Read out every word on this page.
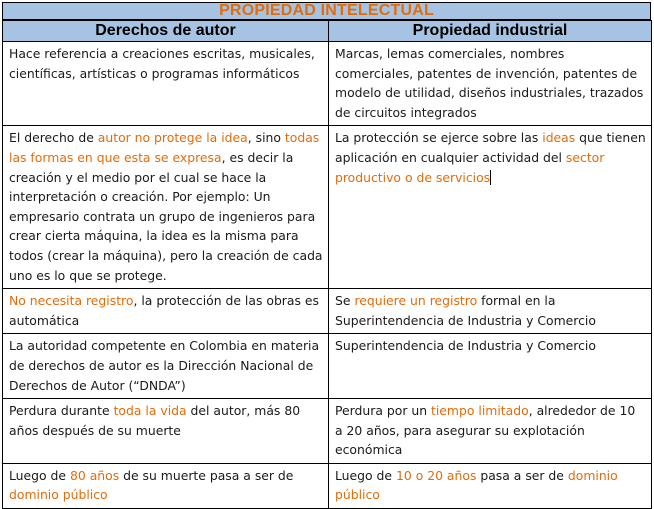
PROPIEDAD INTELECTUAL
Derechos de autor	Propiedad industrial
Hace referencia a creaciones escritas, musicales, científicas, artísticas o programas informáticos	Marcas, lemas comerciales, nombres comerciales, patentes de invención, patentes de modelo de utilidad, diseños industriales, trazados de circuitos integrados
El derecho de autor no protege la idea, sino todas las formas en que esta se expresa, es decir la creación y el medio por el cual se hace la interpretación o creación. Por ejemplo: Un empresario contrata un grupo de ingenieros para crear cierta máquina, la idea es la misma para todos (crear la máquina), pero la creación de cada uno es lo que se protege.	La protección se ejerce sobre las ideas que tienen aplicación en cualquier actividad del sector productivo o de servicios
No necesita registro, la protección de las obras es automática	Se requiere un registro formal en la Superintendencia de Industria y Comercio
La autoridad competente en Colombia en materia de derechos de autor es la Dirección Nacional de Derechos de Autor (“DNDA”)	Superintendencia de Industria y Comercio
Perdura durante toda la vida del autor, más 80 años después de su muerte	Perdura por un tiempo limitado, alrededor de 10 a 20 años, para asegurar su explotación económica
Luego de 80 años de su muerte pasa a ser de dominio público	Luego de 10 o 20 años pasa a ser de dominio público
